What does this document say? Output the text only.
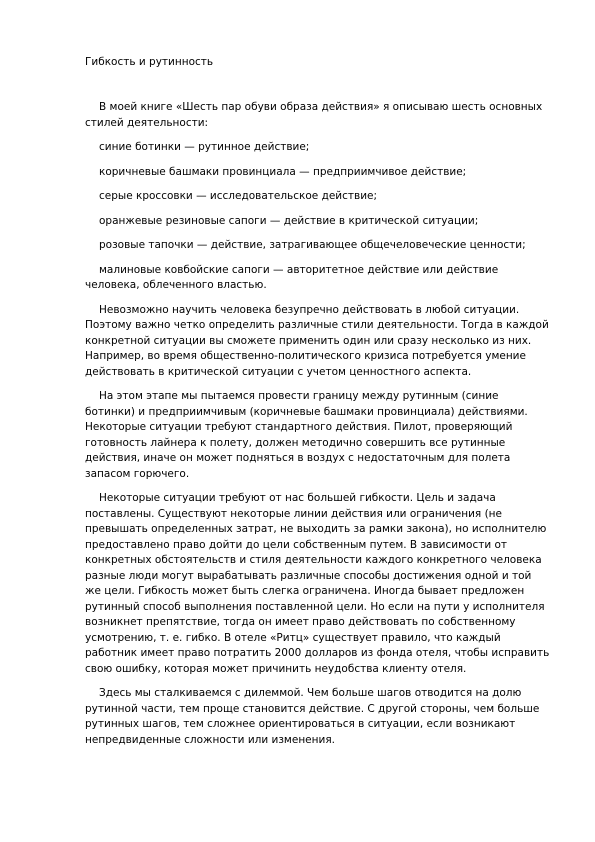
Гибкость и рутинность

В моей книге «Шесть пар обуви образа действия» я описываю шесть основных стилей деятельности:

синие ботинки — рутинное действие;

коричневые башмаки провинциала — предприимчивое действие;

серые кроссовки — исследовательское действие;

оранжевые резиновые сапоги — действие в критической ситуации;

розовые тапочки — действие, затрагивающее общечеловеческие ценности;

малиновые ковбойские сапоги — авторитетное действие или действие человека, облеченного властью.

Невозможно научить человека безупречно действовать в любой ситуации. Поэтому важно четко определить различные стили деятельности. Тогда в каждой конкретной ситуации вы сможете применить один или сразу несколько из них. Например, во время общественно-политического кризиса потребуется умение действовать в критической ситуации с учетом ценностного аспекта.

На этом этапе мы пытаемся провести границу между рутинным (синие ботинки) и предприимчивым (коричневые башмаки провинциала) действиями. Некоторые ситуации требуют стандартного действия. Пилот, проверяющий готовность лайнера к полету, должен методично совершить все рутинные действия, иначе он может подняться в воздух с недостаточным для полета запасом горючего.

Некоторые ситуации требуют от нас большей гибкости. Цель и задача поставлены. Существуют некоторые линии действия или ограничения (не превышать определенных затрат, не выходить за рамки закона), но исполнителю предоставлено право дойти до цели собственным путем. В зависимости от конкретных обстоятельств и стиля деятельности каждого конкретного человека разные люди могут вырабатывать различные способы достижения одной и той же цели. Гибкость может быть слегка ограничена. Иногда бывает предложен рутинный способ выполнения поставленной цели. Но если на пути у исполнителя возникнет препятствие, тогда он имеет право действовать по собственному усмотрению, т. е. гибко. В отеле «Ритц» существует правило, что каждый работник имеет право потратить 2000 долларов из фонда отеля, чтобы исправить свою ошибку, которая может причинить неудобства клиенту отеля.

Здесь мы сталкиваемся с дилеммой. Чем больше шагов отводится на долю рутинной части, тем проще становится действие. С другой стороны, чем больше рутинных шагов, тем сложнее ориентироваться в ситуации, если возникают непредвиденные сложности или изменения.
